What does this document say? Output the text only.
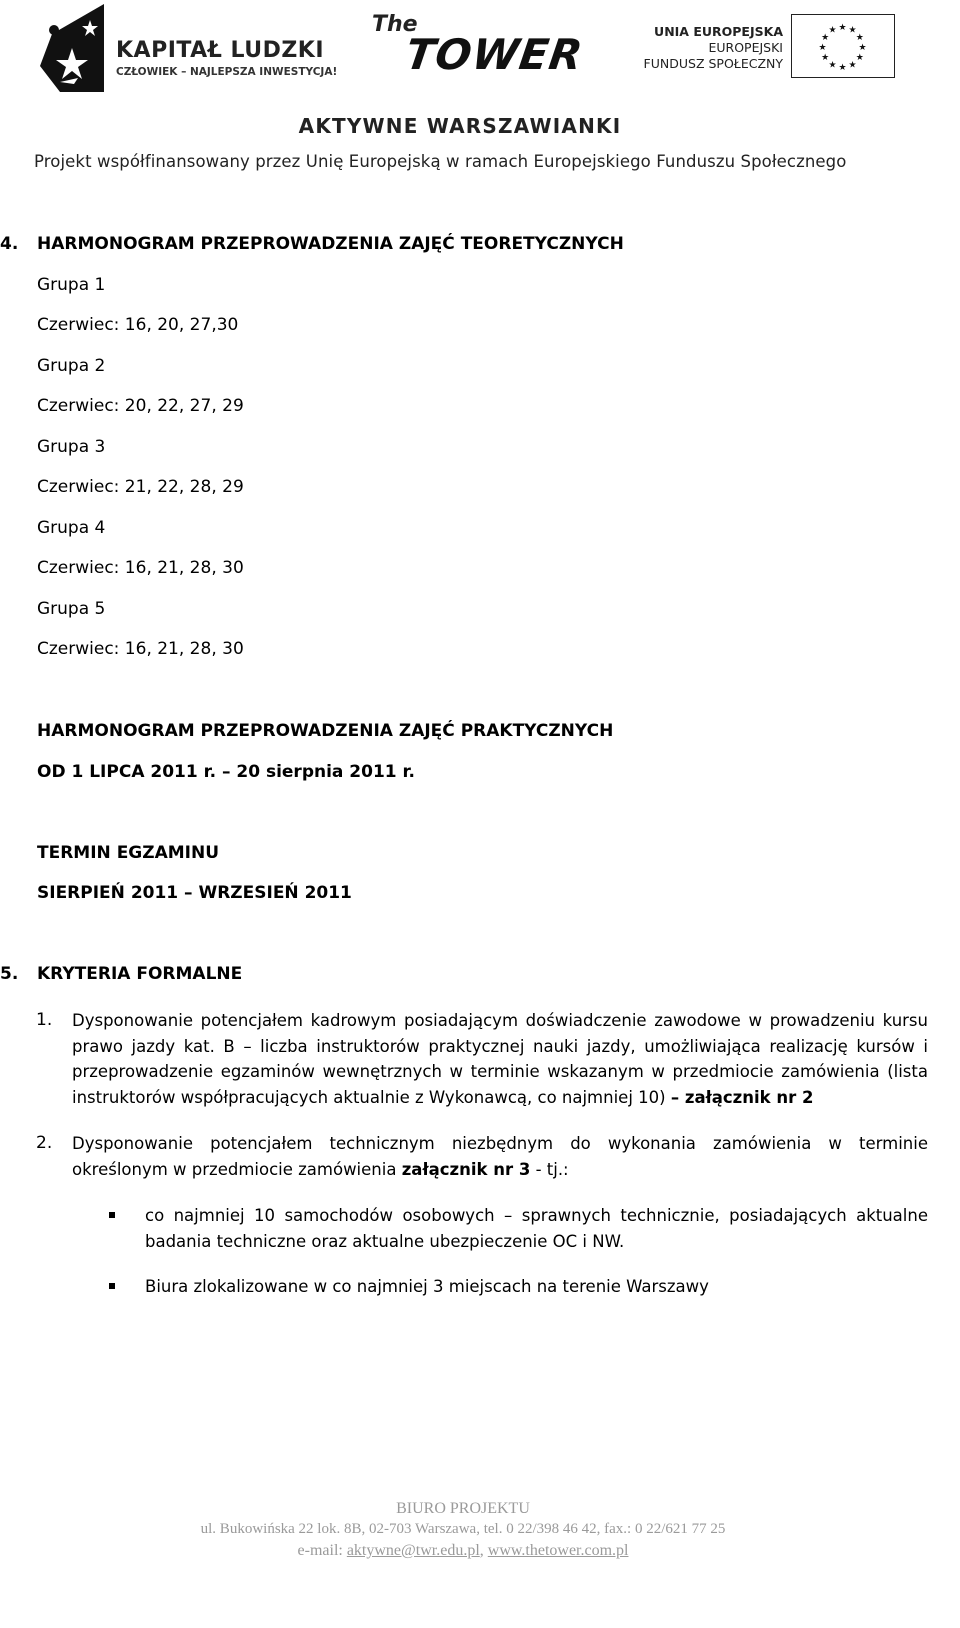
KAPITAŁ LUDZKI
CZŁOWIEK – NAJLEPSZA INWESTYCJA!
The
TOWER	UNIA EUROPEJSKA
EUROPEJSKI
FUNDUSZ SPOŁECZNY
★ ★
★
★
★
★
★
★
★
★
★
★
AKTYWNE WARSZAWIANKI
Projekt współfinansowany przez Unię Europejską w ramach Europejskiego Funduszu Społecznego
4. HARMONOGRAM PRZEPROWADZENIA ZAJĘĆ TEORETYCZNYCH
Grupa 1
Czerwiec: 16, 20, 27,30
Grupa 2
Czerwiec: 20, 22, 27, 29
Grupa 3
Czerwiec: 21, 22, 28, 29
Grupa 4
Czerwiec: 16, 21, 28, 30
Grupa 5
Czerwiec: 16, 21, 28, 30
HARMONOGRAM PRZEPROWADZENIA ZAJĘĆ PRAKTYCZNYCH
OD 1 LIPCA 2011 r. – 20 sierpnia 2011 r.
TERMIN EGZAMINU
SIERPIEŃ 2011 – WRZESIEŃ 2011
5. KRYTERIA FORMALNE
1. Dysponowanie potencjałem kadrowym posiadającym doświadczenie zawodowe w prowadzeniu kursu prawo jazdy kat. B – liczba instruktorów praktycznej nauki jazdy, umożliwiająca realizację kursów i przeprowadzenie egzaminów wewnętrznych w terminie wskazanym w przedmiocie zamówienia (lista instruktorów współpracujących aktualnie z Wykonawcą, co najmniej 10) – załącznik nr 2
2. Dysponowanie potencjałem technicznym niezbędnym do wykonania zamówienia w terminie określonym w przedmiocie zamówienia załącznik nr 3 - tj.:
co najmniej 10 samochodów osobowych – sprawnych technicznie, posiadających aktualne badania techniczne oraz aktualne ubezpieczenie OC i NW.
Biura zlokalizowane w co najmniej 3 miejscach na terenie Warszawy
BIURO PROJEKTU
ul. Bukowińska 22 lok. 8B, 02-703 Warszawa, tel. 0 22/398 46 42, fax.: 0 22/621 77 25
e-mail: aktywne@twr.edu.pl, www.thetower.com.pl
